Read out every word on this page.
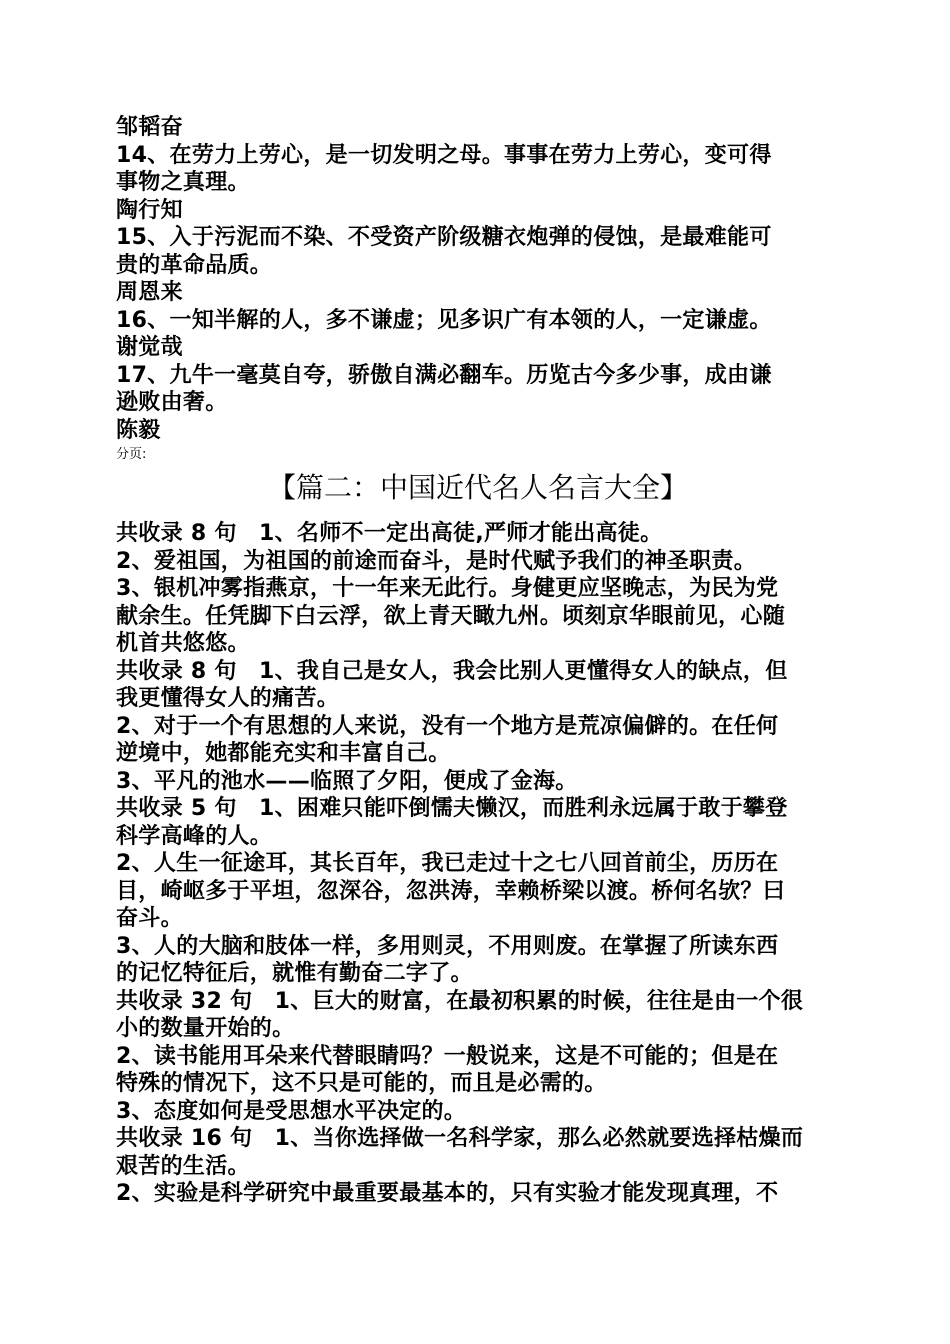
邹韬奋
14、在劳力上劳心，是一切发明之母。事事在劳力上劳心，变可得
事物之真理。
陶行知
15、入于污泥而不染、不受资产阶级糖衣炮弹的侵蚀，是最难能可
贵的革命品质。
周恩来
16、一知半解的人，多不谦虚；见多识广有本领的人，一定谦虚。
谢觉哉
17、九牛一毫莫自夸，骄傲自满必翻车。历览古今多少事，成由谦
逊败由奢。
陈毅
分页:
【篇二：中国近代名人名言大全】
共收录 8 句　1、名师不一定出高徒,严师才能出高徒。
2、爱祖国，为祖国的前途而奋斗，是时代赋予我们的神圣职责。
3、银机冲雾指燕京，十一年来无此行。身健更应坚晚志，为民为党
献余生。任凭脚下白云浮，欲上青天瞰九州。顷刻京华眼前见，心随
机首共悠悠。
共收录 8 句　1、我自己是女人，我会比别人更懂得女人的缺点，但
我更懂得女人的痛苦。
2、对于一个有思想的人来说，没有一个地方是荒凉偏僻的。在任何
逆境中，她都能充实和丰富自己。
3、平凡的池水——临照了夕阳，便成了金海。
共收录 5 句　1、困难只能吓倒懦夫懒汉，而胜利永远属于敢于攀登
科学高峰的人。
2、人生一征途耳，其长百年，我已走过十之七八回首前尘，历历在
目，崎岖多于平坦，忽深谷，忽洪涛，幸赖桥梁以渡。桥何名欤？曰
奋斗。
3、人的大脑和肢体一样，多用则灵，不用则废。在掌握了所读东西
的记忆特征后，就惟有勤奋二字了。
共收录 32 句　1、巨大的财富，在最初积累的时候，往往是由一个很
小的数量开始的。
2、读书能用耳朵来代替眼睛吗？一般说来，这是不可能的；但是在
特殊的情况下，这不只是可能的，而且是必需的。
3、态度如何是受思想水平决定的。
共收录 16 句　1、当你选择做一名科学家，那么必然就要选择枯燥而
艰苦的生活。
2、实验是科学研究中最重要最基本的，只有实验才能发现真理，不
